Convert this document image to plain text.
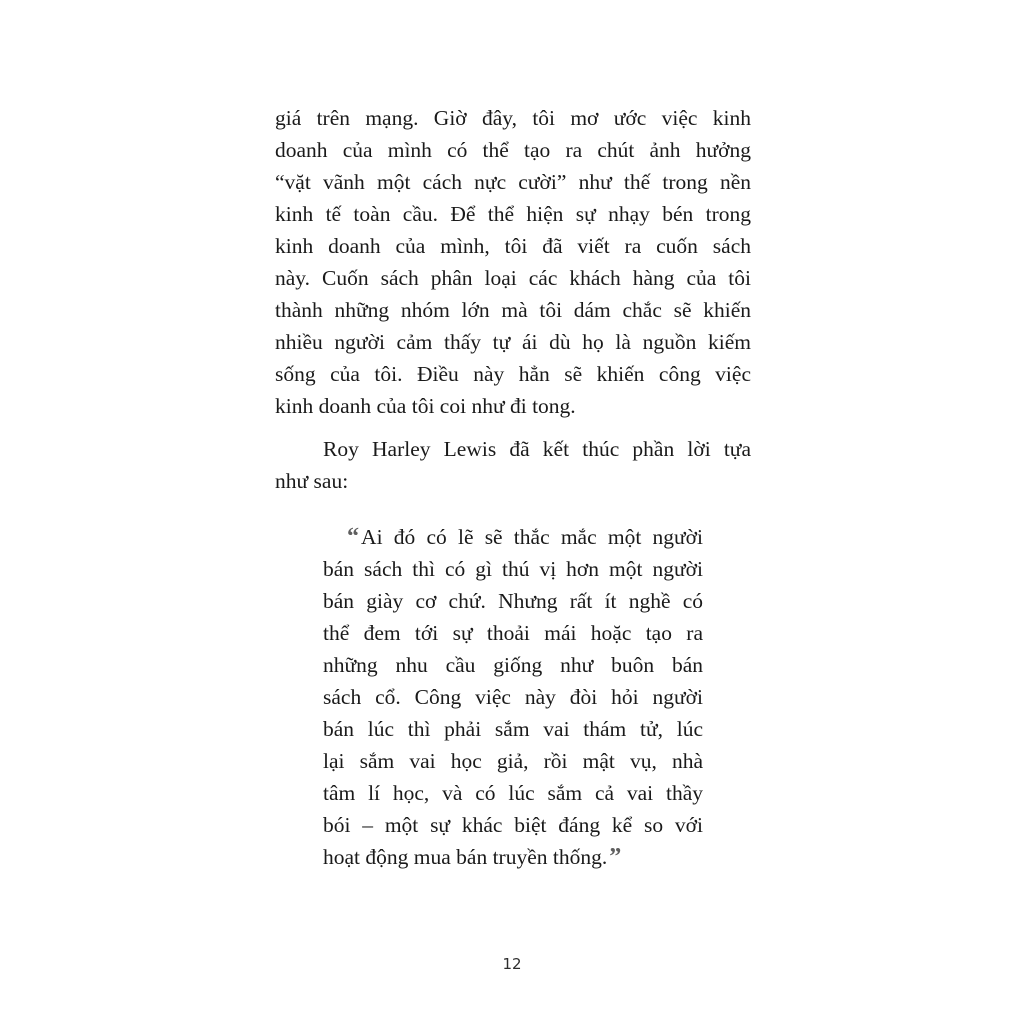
giá trên mạng. Giờ đây, tôi mơ ước việc kinh
doanh của mình có thể tạo ra chút ảnh hưởng
“vặt vãnh một cách nực cười” như thế trong nền
kinh tế toàn cầu. Để thể hiện sự nhạy bén trong
kinh doanh của mình, tôi đã viết ra cuốn sách
này. Cuốn sách phân loại các khách hàng của tôi
thành những nhóm lớn mà tôi dám chắc sẽ khiến
nhiều người cảm thấy tự ái dù họ là nguồn kiếm
sống của tôi. Điều này hẳn sẽ khiến công việc
kinh doanh của tôi coi như đi tong.
Roy Harley Lewis đã kết thúc phần lời tựa
như sau:
“ Ai đó có lẽ sẽ thắc mắc một người
bán sách thì có gì thú vị hơn một người
bán giày cơ chứ. Nhưng rất ít nghề có
thể đem tới sự thoải mái hoặc tạo ra
những nhu cầu giống như buôn bán
sách cổ. Công việc này đòi hỏi người
bán lúc thì phải sắm vai thám tử, lúc
lại sắm vai học giả, rồi mật vụ, nhà
tâm lí học, và có lúc sắm cả vai thầy
bói – một sự khác biệt đáng kể so với
hoạt động mua bán truyền thống.”
12
